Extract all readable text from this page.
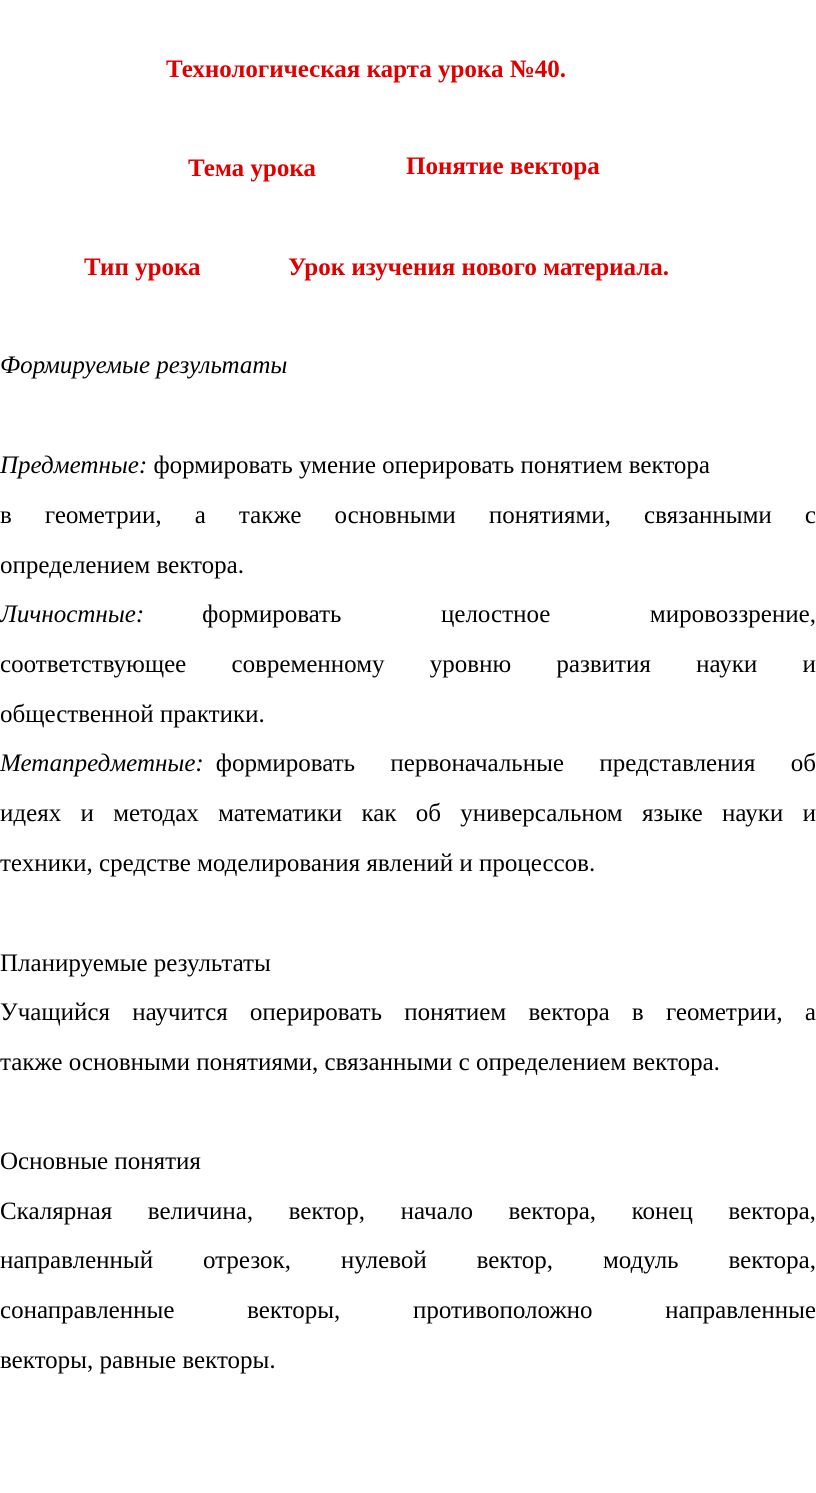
Технологическая карта урока №40.
Тема урока	Понятие вектора
Тип урока	Урок изучения нового материала.
Формируемые результаты
Предметные: формировать умение оперировать понятием вектора
в геометрии, а также основными понятиями, связанными с
определением вектора.
Личностные: формировать	целостное	мировоззрение,
соответствующее современному уровню развития науки и
общественной практики.
Метапредметные: формировать первоначальные представления об
идеях и методах математики как об универсальном языке науки и
техники, средстве моделирования явлений и процессов.
Планируемые результаты
Учащийся научится оперировать понятием вектора в геометрии, а
также основными понятиями, связанными с определением вектора.
Основные понятия
Скалярная величина, вектор, начало вектора, конец вектора,
направленный отрезок, нулевой вектор, модуль вектора,
сонаправленные	векторы,	противоположно	направленные
векторы, равные векторы.
